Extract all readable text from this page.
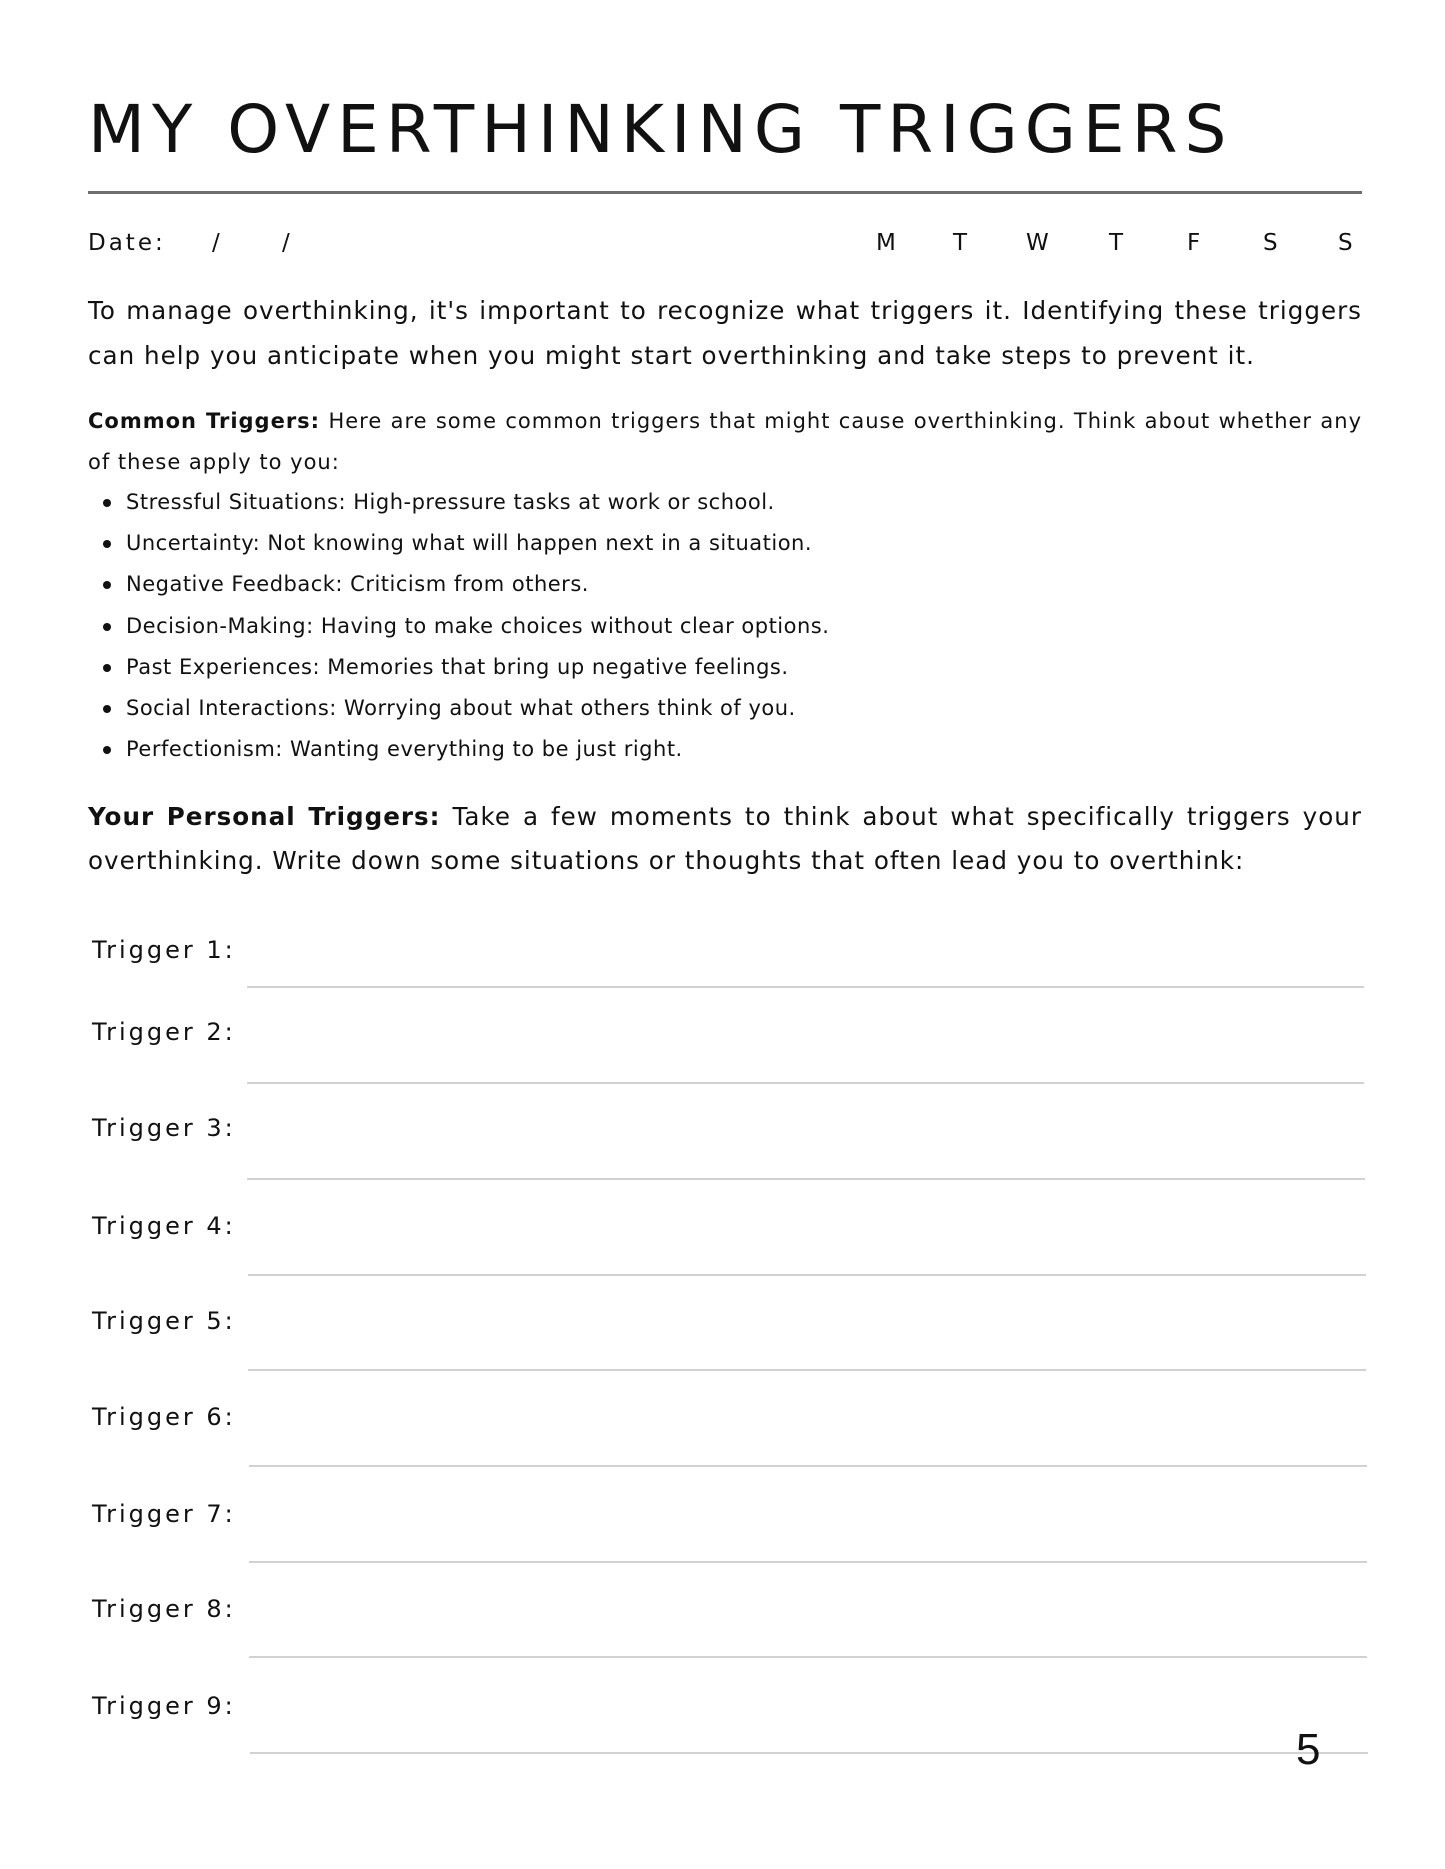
MY OVERTHINKING TRIGGERS
Date: /	/	M T	W	T	F	S	S

To manage overthinking, it's important to recognize what triggers it. Identifying these triggers can help you anticipate when you might start overthinking and take steps to prevent it.

Common Triggers: Here are some common triggers that might cause overthinking. Think about whether any of these apply to you:

Stressful Situations: High-pressure tasks at work or school.
Uncertainty: Not knowing what will happen next in a situation.
Negative Feedback: Criticism from others.
Decision-Making: Having to make choices without clear options.
Past Experiences: Memories that bring up negative feelings.
Social Interactions: Worrying about what others think of you.
Perfectionism: Wanting everything to be just right.

Your Personal Triggers: Take a few moments to think about what specifically triggers your overthinking. Write down some situations or thoughts that often lead you to overthink:

Trigger 1:
Trigger 2:
Trigger 3:
Trigger 4:
Trigger 5:
Trigger 6:
Trigger 7:
Trigger 8:
Trigger 9:
5
